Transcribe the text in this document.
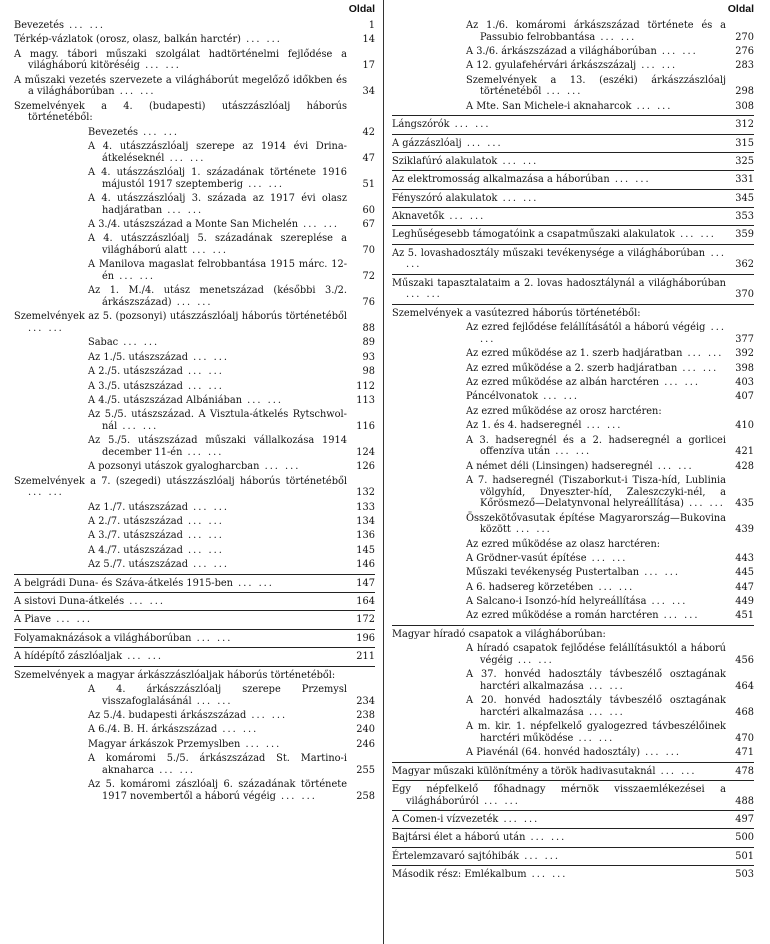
Oldal
Bevezetés ... ...	1
Térkép-vázlatok (orosz, olasz, balkán harctér) ... ...	14
A magy. tábori műszaki szolgálat hadtörténelmi fejlődése a világháború kitöréséig ... ...	17
A műszaki vezetés szervezete a világháborút megelőző időkben és a világháborúban ... ...	34
Szemelvények a 4. (budapesti) utászzászlóalj háborús történetéből:
Bevezetés ... ...	42
A 4. utászzászlóalj szerepe az 1914 évi Drina-átkeléseknél ... ...	47
A 4. utászzászlóalj 1. századának története 1916 májustól 1917 szeptemberig ... ...	51
A 4. utászzászlóalj 3. százada az 1917 évi olasz hadjáratban ... ...	60
A 3./4. utászszázad a Monte San Michelén ... ...	67
A 4. utászzászlóalj 5. századának szereplése a világháború alatt ... ...	70
A Manilova magaslat felrobbantása 1915 márc. 12-én ... ...	72
Az 1. M./4. utász menetszázad (későbbi 3./2. árkászszázad) ... ...	76
Szemelvények az 5. (pozsonyi) utászzászlóalj háborús történetéből ... ...	88
Sabac ... ...	89
Az 1./5. utászszázad ... ...	93
A 2./5. utászszázad ... ...	98
A 3./5. utászszázad ... ...	112
A 4./5. utászszázad Albániában ... ...	113
Az 5./5. utászszázad. A Visztula-átkelés Rytschwol-nál ... ...	116
Az 5./5. utászszázad műszaki vállalkozása 1914 december 11-én ... ...	124
A pozsonyi utászok gyalogharcban ... ...	126
Szemelvények a 7. (szegedi) utászzászlóalj háborús történetéből ... ...	132
Az 1./7. utászszázad ... ...	133
A 2./7. utászszázad ... ...	134
A 3./7. utászszázad ... ...	136
A 4./7. utászszázad ... ...	145
Az 5./7. utászszázad ... ...	146
A belgrádi Duna- és Száva-átkelés 1915-ben ... ...	147
A sistovi Duna-átkelés ... ...	164
A Piave ... ...	172
Folyamaknázások a világháborúban ... ...	196
A hídépítő zászlóaljak ... ...	211
Szemelvények a magyar árkászzászlóaljak háborús történetéből:
A 4. árkászzászlóalj szerepe Przemysl visszafoglalásánál ... ...	234
Az 5./4. budapesti árkászszázad ... ...	238
A 6./4. B. H. árkászszázad ... ...	240
Magyar árkászok Przemyslben ... ...	246
A komáromi 5./5. árkászszázad St. Martino-i aknaharca ... ...	255
Az 5. komáromi zászlóalj 6. századának története 1917 novembertől a háború végéig ... ...	258
Oldal
Az 1./6. komáromi árkászszázad története és a Passubio felrobbantása ... ...	270
A 3./6. árkászszázad a világháborúban ... ...	276
A 12. gyulafehérvári árkászszázalj ... ...	283
Szemelvények a 13. (eszéki) árkászzászlóalj történetéből ... ...	298
A Mte. San Michele-i aknaharcok ... ...	308
Lángszórók ... ...	312
A gázzászlóalj ... ...	315
Sziklafúró alakulatok ... ...	325
Az elektromosság alkalmazása a háborúban ... ...	331
Fényszóró alakulatok ... ...	345
Aknavetők ... ...	353
Leghűségesebb támogatóink a csapatműszaki alakulatok ... ...	359
Az 5. lovashadosztály műszaki tevékenysége a világháborúban ... ...	362
Műszaki tapasztalataim a 2. lovas hadosztálynál a világháborúban ... ...	370
Szemelvények a vasútezred háborús történetéből:
Az ezred fejlődése felállításától a háború végéig ... ...	377
Az ezred működése az 1. szerb hadjáratban ... ...	392
Az ezred működése a 2. szerb hadjáratban ... ...	398
Az ezred működése az albán harctéren ... ...	403
Páncélvonatok ... ...	407
Az ezred működése az orosz harctéren:
Az 1. és 4. hadseregnél ... ...	410
A 3. hadseregnél és a 2. hadseregnél a gorlicei offenzíva után ... ...	421
A német déli (Linsingen) hadseregnél ... ...	428
A 7. hadseregnél (Tiszaborkut-i Tisza-híd, Lublinia völgyhíd, Dnyeszter-híd, Zaleszczyki-nél, a Kőrösmező—Delatynvonal helyreállítása) ... ...	435
Összekötővasutak építése Magyarország—Bukovina között ... ...	439
Az ezred működése az olasz harctéren:
A Grödner-vasút építése ... ...	443
Műszaki tevékenység Pustertalban ... ...	445
A 6. hadsereg körzetében ... ...	447
A Salcano-i Isonzó-híd helyreállítása ... ...	449
Az ezred működése a román harctéren ... ...	451
Magyar híradó csapatok a világháborúban:
A híradó csapatok fejlődése felállításuktól a háború végéig ... ...	456
A 37. honvéd hadosztály távbeszélő osztagának harctéri alkalmazása ... ...	464
A 20. honvéd hadosztály távbeszélő osztagának harctéri alkalmazása ... ...	468
A m. kir. 1. népfelkelő gyalogezred távbeszélőinek harctéri működése ... ...	470
A Piavénál (64. honvéd hadosztály) ... ...	471
Magyar műszaki különítmény a török hadivasutaknál ... ...	478
Egy népfelkelő főhadnagy mérnök visszaemlékezései a világháborúról ... ...	488
A Comen-i vízvezeték ... ...	497
Bajtársi élet a háború után ... ...	500
Értelemzavaró sajtóhibák ... ...	501
Második rész: Emlékalbum ... ...	503
